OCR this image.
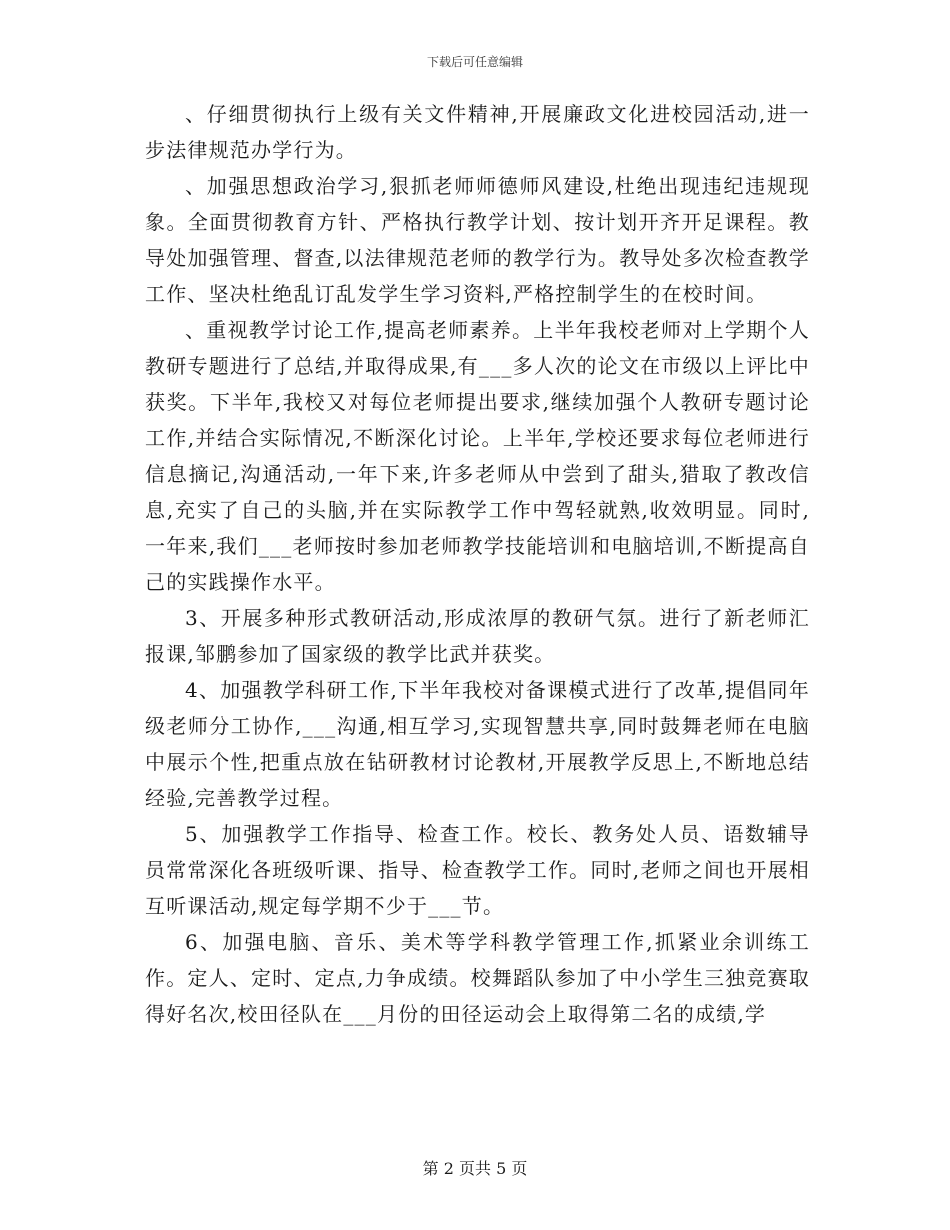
下载后可任意编辑

、仔细贯彻执行上级有关文件精神,开展廉政文化进校园活动,进一步法律规范办学行为。

、加强思想政治学习,狠抓老师师德师风建设,杜绝出现违纪违规现象。全面贯彻教育方针、严格执行教学计划、按计划开齐开足课程。教导处加强管理、督查,以法律规范老师的教学行为。教导处多次检查教学工作、坚决杜绝乱订乱发学生学习资料,严格控制学生的在校时间。

、重视教学讨论工作,提高老师素养。上半年我校老师对上学期个人教研专题进行了总结,并取得成果,有___多人次的论文在市级以上评比中获奖。下半年,我校又对每位老师提出要求,继续加强个人教研专题讨论工作,并结合实际情况,不断深化讨论。上半年,学校还要求每位老师进行信息摘记,沟通活动,一年下来,许多老师从中尝到了甜头,猎取了教改信息,充实了自己的头脑,并在实际教学工作中驾轻就熟,收效明显。同时,一年来,我们___老师按时参加老师教学技能培训和电脑培训,不断提高自己的实践操作水平。

3、开展多种形式教研活动,形成浓厚的教研气氛。进行了新老师汇报课,邹鹏参加了国家级的教学比武并获奖。

4、加强教学科研工作,下半年我校对备课模式进行了改革,提倡同年级老师分工协作,___沟通,相互学习,实现智慧共享,同时鼓舞老师在电脑中展示个性,把重点放在钻研教材讨论教材,开展教学反思上,不断地总结经验,完善教学过程。

5、加强教学工作指导、检查工作。校长、教务处人员、语数辅导员常常深化各班级听课、指导、检查教学工作。同时,老师之间也开展相互听课活动,规定每学期不少于___节。

6、加强电脑、音乐、美术等学科教学管理工作,抓紧业余训练工作。定人、定时、定点,力争成绩。校舞蹈队参加了中小学生三独竞赛取得好名次,校田径队在___月份的田径运动会上取得第二名的成绩,学

第 2 页共 5 页
